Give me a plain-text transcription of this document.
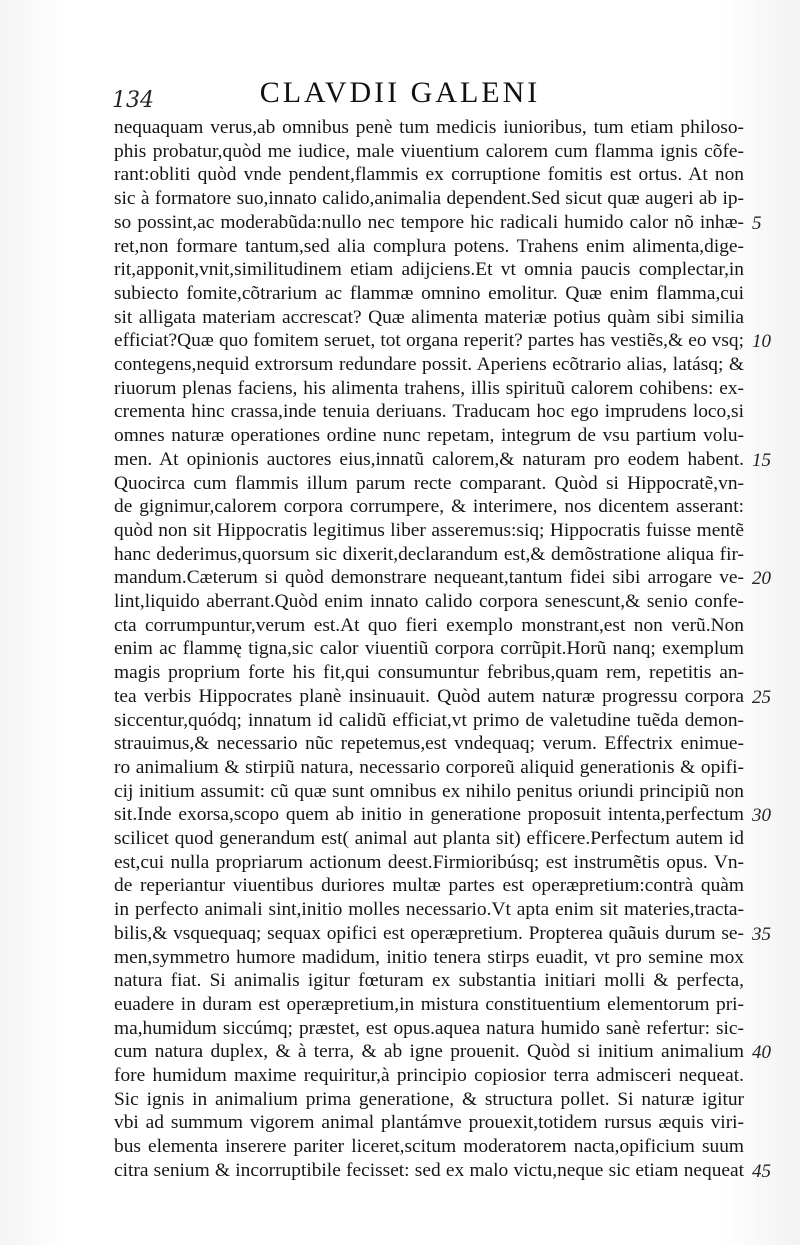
134	CLAVDII GALENI
nequaquam verus,ab omnibus penè tum medicis iunioribus, tum etiam philoso-
phis probatur,quòd me iudice, male viuentium calorem cum flamma ignis cõfe-
rant:obliti quòd vnde pendent,flammis ex corruptione fomitis est ortus. At non
sic à formatore suo,innato calido,animalia dependent.Sed sicut quæ augeri ab ip-
so possint,ac moderabũda:nullo nec tempore hic radicali humido calor nõ inhæ-
ret,non formare tantum,sed alia complura potens. Trahens enim alimenta,dige-
rit,apponit,vnit,similitudinem etiam adijciens.Et vt omnia paucis complectar,in
subiecto fomite,cõtrarium ac flammæ omnino emolitur. Quæ enim flamma,cui
sit alligata materiam accrescat? Quæ alimenta materiæ potius quàm sibi similia
efficiat?Quæ quo fomitem seruet, tot organa reperit? partes has vestiẽs,& eo vsq;
contegens,nequid extrorsum redundare possit. Aperiens ecõtrario alias, latásq; &
riuorum plenas faciens, his alimenta trahens, illis spirituũ calorem cohibens: ex-
crementa hinc crassa,inde tenuia deriuans. Traducam hoc ego imprudens loco,si
omnes naturæ operationes ordine nunc repetam, integrum de vsu partium volu-
men. At opinionis auctores eius,innatũ calorem,& naturam pro eodem habent.
Quocirca cum flammis illum parum recte comparant. Quòd si Hippocratẽ,vn-
de gignimur,calorem corpora corrumpere, & interimere, nos dicentem asserant:
quòd non sit Hippocratis legitimus liber asseremus:siq; Hippocratis fuisse mentẽ
hanc dederimus,quorsum sic dixerit,declarandum est,& demõstratione aliqua fir-
mandum.Cæterum si quòd demonstrare nequeant,tantum fidei sibi arrogare ve-
lint,liquido aberrant.Quòd enim innato calido corpora senescunt,& senio confe-
cta corrumpuntur,verum est.At quo fieri exemplo monstrant,est non verũ.Non
enim ac flammę tigna,sic calor viuentiũ corpora corrũpit.Horũ nanq; exemplum
magis proprium forte his fit,qui consumuntur febribus,quam rem, repetitis an-
tea verbis Hippocrates planè insinuauit. Quòd autem naturæ progressu corpora
siccentur,quódq; innatum id calidũ efficiat,vt primo de valetudine tuẽda demon-
strauimus,& necessario nũc repetemus,est vndequaq; verum. Effectrix enimue-
ro animalium & stirpiũ natura, necessario corporeũ aliquid generationis & opifi-
cij initium assumit: cũ quæ sunt omnibus ex nihilo penitus oriundi principiũ non
sit.Inde exorsa,scopo quem ab initio in generatione proposuit intenta,perfectum
scilicet quod generandum est( animal aut planta sit) efficere.Perfectum autem id
est,cui nulla propriarum actionum deest.Firmioribúsq; est instrumẽtis opus. Vn-
de reperiantur viuentibus duriores multæ partes est operæpretium:contrà quàm
in perfecto animali sint,initio molles necessario.Vt apta enim sit materies,tracta-
bilis,& vsquequaq; sequax opifici est operæpretium. Propterea quãuis durum se-
men,symmetro humore madidum, initio tenera stirps euadit, vt pro semine mox
natura fiat. Si animalis igitur fœturam ex substantia initiari molli & perfecta,
euadere in duram est operæpretium,in mistura constituentium elementorum pri-
ma,humidum siccúmq; præstet, est opus.aquea natura humido sanè refertur: sic-
cum natura duplex, & à terra, & ab igne prouenit. Quòd si initium animalium
fore humidum maxime requiritur,à principio copiosior terra admisceri nequeat.
Sic ignis in animalium prima generatione, & structura pollet. Si naturæ igitur
vbi ad summum vigorem animal plantámve prouexit,totidem rursus æquis viri-
bus elementa inserere pariter liceret,scitum moderatorem nacta,opificium suum
citra senium & incorruptibile fecisset: sed ex malo victu,neque sic etiam nequeat
5
10
15
20
25
30
35
40
45
